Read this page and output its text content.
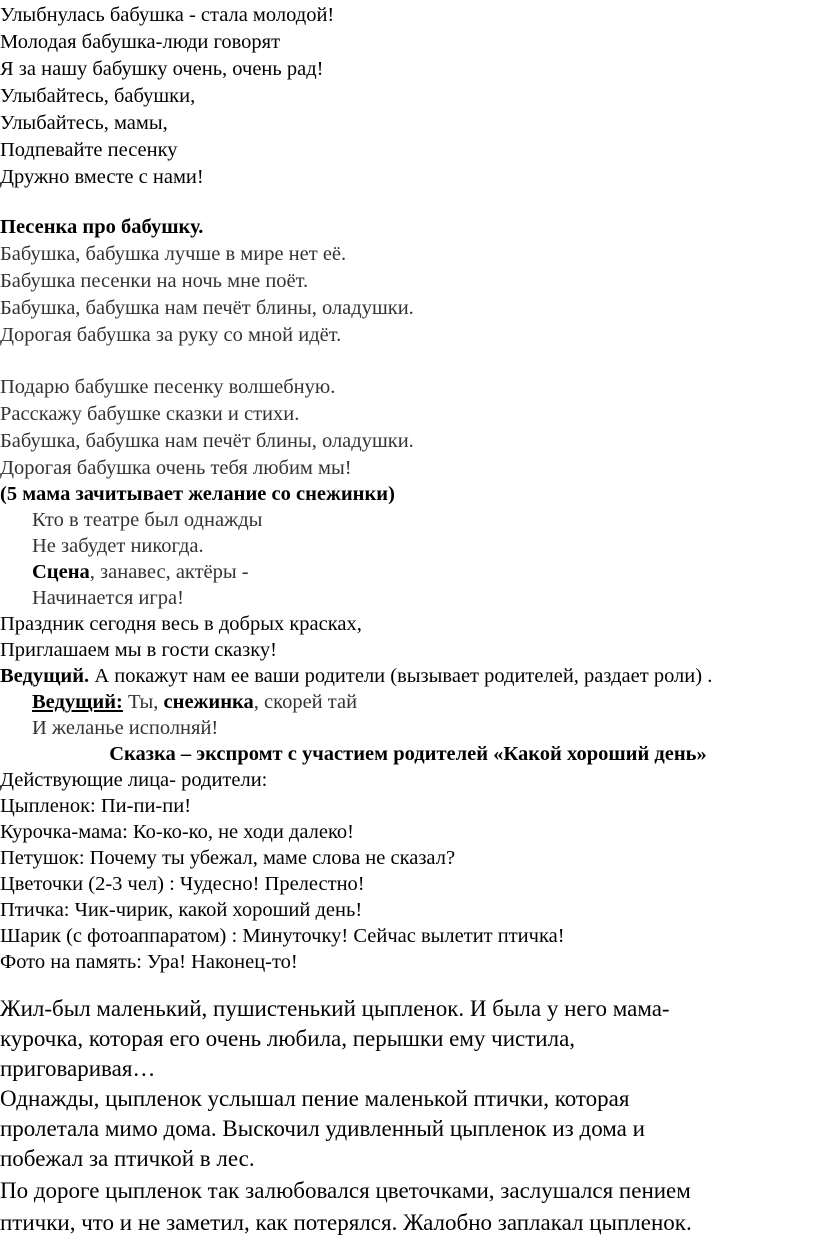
Улыбнулась бабушка - стала молодой!
Молодая бабушка-люди говорят
Я за нашу бабушку очень, очень рад!
Улыбайтесь, бабушки,
Улыбайтесь, мамы,
Подпевайте песенку
Дружно вместе с нами!
Песенка про бабушку.
Бабушка, бабушка лучше в мире нет её.
Бабушка песенки на ночь мне поёт.
Бабушка, бабушка нам печёт блины, оладушки.
Дорогая бабушка за руку со мной идёт.
Подарю бабушке песенку волшебную.
Расскажу бабушке сказки и стихи.
Бабушка, бабушка нам печёт блины, оладушки.
Дорогая бабушка очень тебя любим мы!
(5 мама зачитывает желание со снежинки)
Кто в театре был однажды
Не забудет никогда.
Сцена, занавес, актёры -
Начинается игра!
Праздник сегодня весь в добрых красках,
Приглашаем мы в гости сказку!
Ведущий. А покажут нам ее ваши родители (вызывает родителей, раздает роли) .
Ведущий: Ты, снежинка, скорей тай
И желанье исполняй!
Сказка – экспромт с участием родителей «Какой хороший день»
Действующие лица- родители:
Цыпленок: Пи-пи-пи!
Курочка-мама: Ко-ко-ко, не ходи далеко!
Петушок: Почему ты убежал, маме слова не сказал?
Цветочки (2-3 чел) : Чудесно! Прелестно!
Птичка: Чик-чирик, какой хороший день!
Шарик (с фотоаппаратом) : Минуточку! Сейчас вылетит птичка!
Фото на память: Ура! Наконец-то!
Жил-был маленький, пушистенький цыпленок. И была у него мама-
курочка, которая его очень любила, перышки ему чистила,
приговаривая…
Однажды, цыпленок услышал пение маленькой птички, которая
пролетала мимо дома. Выскочил удивленный цыпленок из дома и
побежал за птичкой в лес.
По дороге цыпленок так залюбовался цветочками, заслушался пением
птички, что и не заметил, как потерялся. Жалобно заплакал цыпленок.
